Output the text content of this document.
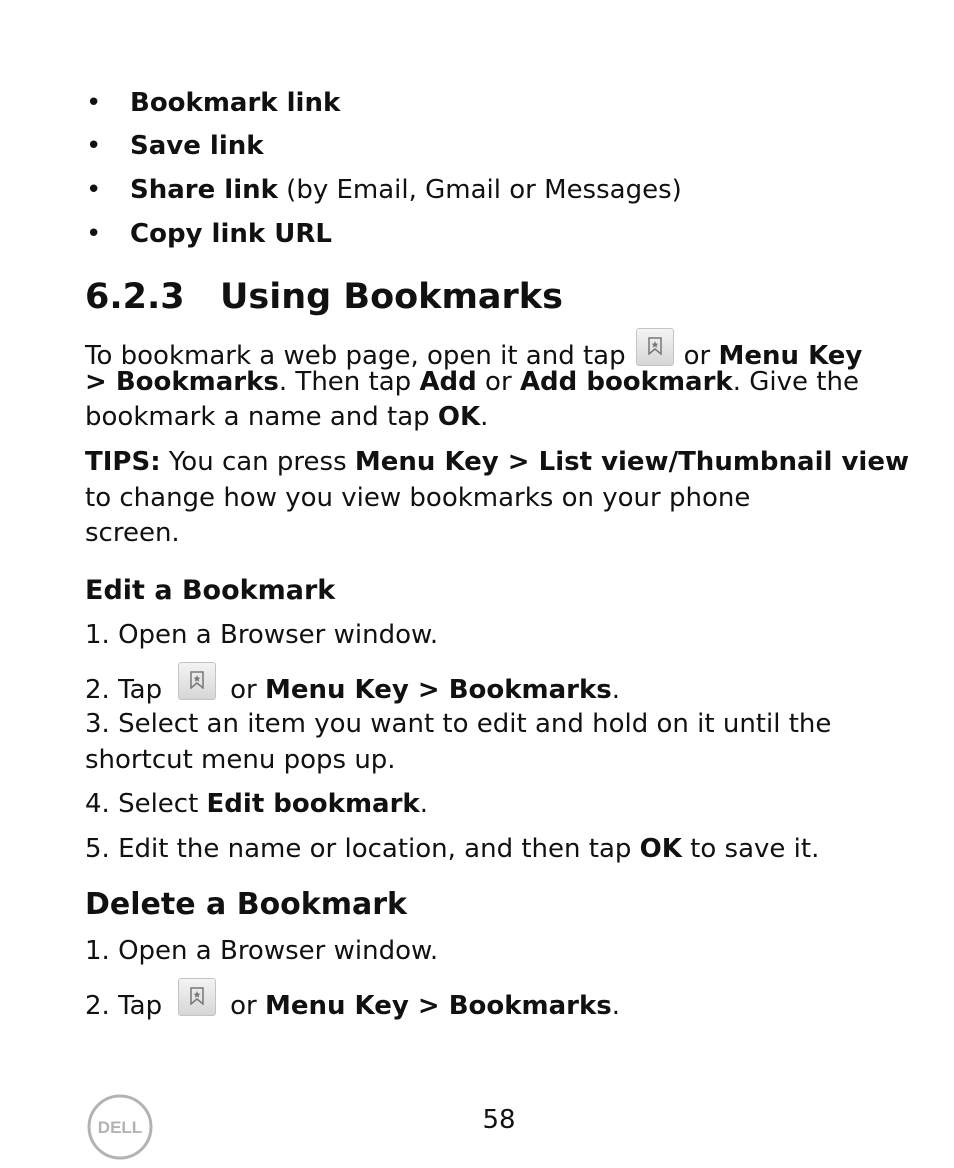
• Bookmark link
• Save link
• Share link (by Email, Gmail or Messages)
• Copy link URL
6.2.3 Using Bookmarks
To bookmark a web page, open it and tap or Menu Key
> Bookmarks. Then tap Add or Add bookmark. Give the
bookmark a name and tap OK.
TIPS: You can press Menu Key > List view/Thumbnail view
to change how you view bookmarks on your phone
screen.
Edit a Bookmark
1. Open a Browser window.
2. Tap	or Menu Key > Bookmarks.
3. Select an item you want to edit and hold on it until the
shortcut menu pops up.
4. Select Edit bookmark.
5. Edit the name or location, and then tap OK to save it.
Delete a Bookmark
1. Open a Browser window.
2. Tap	or Menu Key > Bookmarks.
DELL	58
